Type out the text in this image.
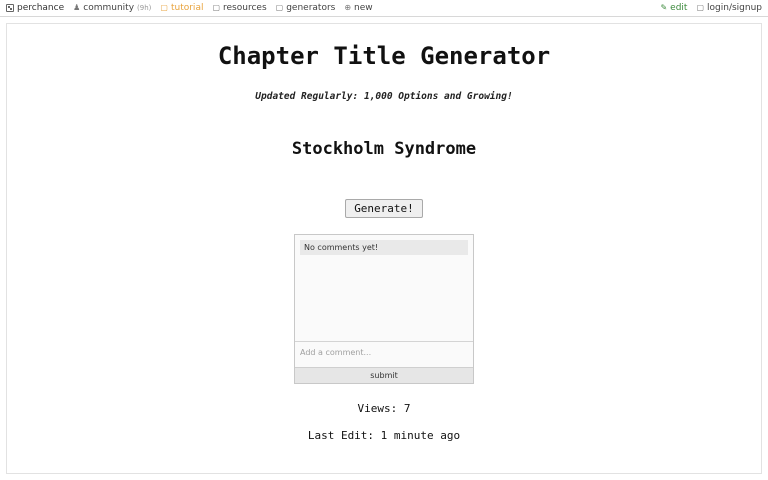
perchance ♟ community (9h) ▢ tutorial ▢ resources ▢ generators ⊕ new	✎ edit ▢ login/signup
Chapter Title Generator
Updated Regularly: 1,000 Options and Growing!
Stockholm Syndrome
Generate!
No comments yet!
Add a comment...
submit
Views: 7
Last Edit: 1 minute ago
